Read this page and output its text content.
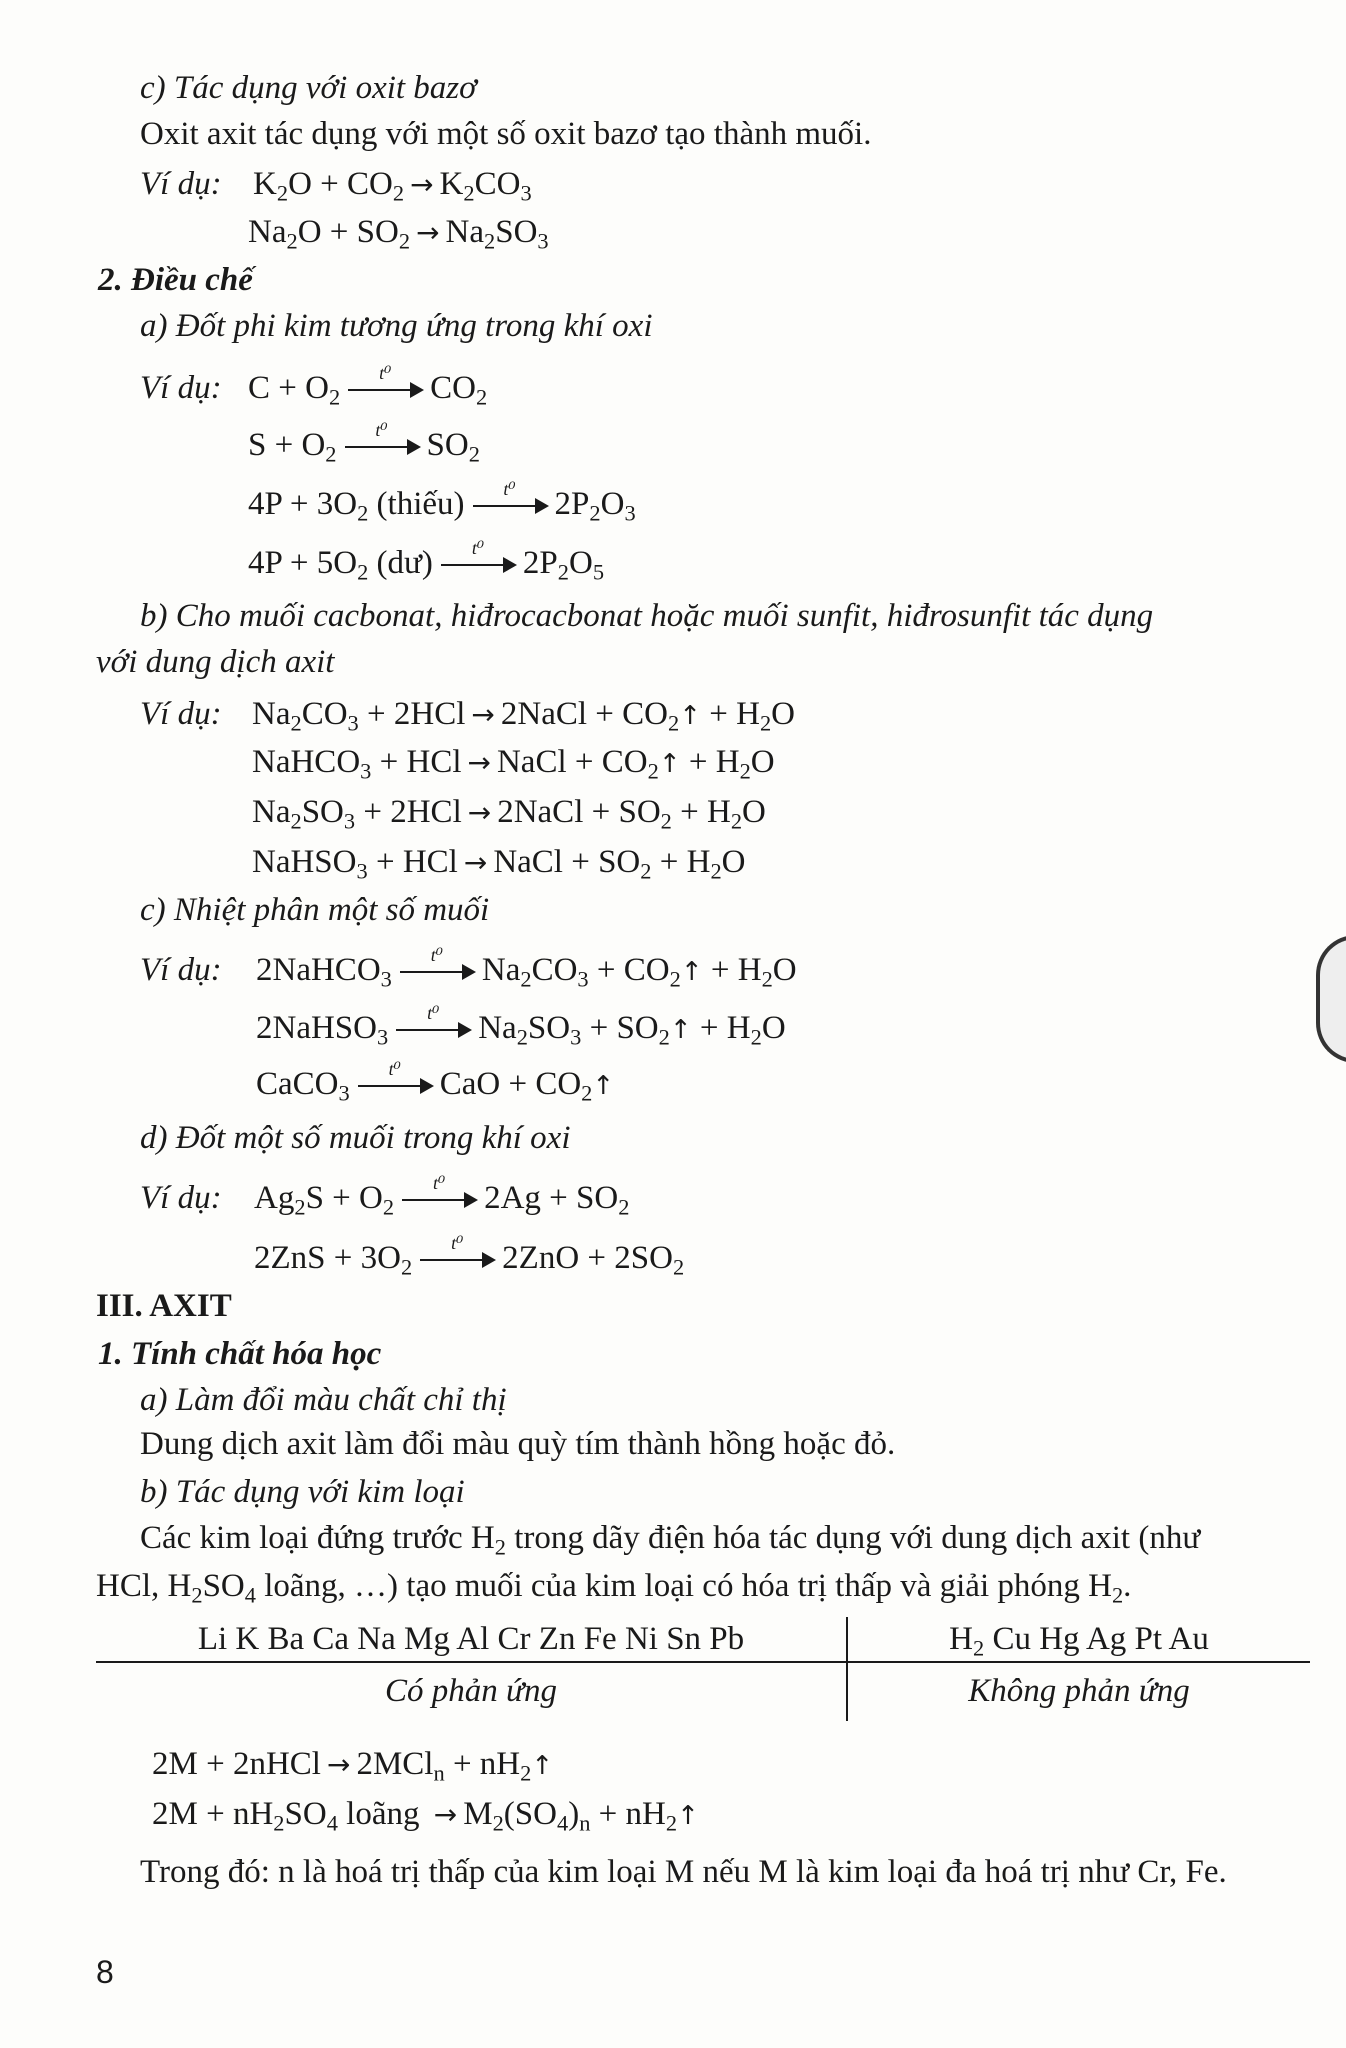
c) Tác dụng với oxit bazơ
Oxit axit tác dụng với một số oxit bazơ tạo thành muối.
Ví dụ: $K_2O + CO_2 \to K_2CO_3$
$Na_2O + SO_2 \to Na_2SO_3$
2. Điều chế
a) Đốt phi kim tương ứng trong khí oxi
Ví dụ: $C + O_2$
t⁰	$CO_2$
$S + O_2$
t⁰	$SO_2$
$4P + 3O_2$ (thiếu)	t⁰	$2P_2O_3$
$4P + 5O_2$ (dư)	t⁰	$2P_2O_5$
b) Cho muối cacbonat, hiđrocacbonat hoặc muối sunfit, hiđrosunfit tác dụng
với dung dịch axit
Ví dụ: $Na_2CO_3 + 2HCl$ → 2NaCl + $CO_2↑ + H_2O$
NaHCO$_3$ + HCl → NaCl + $CO_2↑ + H_2O$
$Na_2SO_3 + 2HCl$ → 2NaCl + $SO_2 + H_2O$
NaHSO$_3$ + HCl → NaCl + $SO_2 + H_2O$
c) Nhiệt phân một số muối
Ví dụ: 2NaHCO$_3$
t⁰	$Na_2CO_3$ + $CO_2↑ + H_2O$
2NaHSO$_3$
t⁰	$Na_2SO_3$ + $SO_2↑ + H_2O$
CaCO$_3$
t⁰	CaO + $CO_2↑$
d) Đốt một số muối trong khí oxi
Ví dụ: $Ag_2S + O_2$
t⁰	$2Ag + SO_2$
$2ZnS + 3O_2$
t⁰	$2ZnO + 2SO_2$
III. AXIT
1. Tính chất hóa học
a) Làm đổi màu chất chỉ thị
Dung dịch axit làm đổi màu quỳ tím thành hồng hoặc đỏ.
b) Tác dụng với kim loại
Các kim loại đứng trước $H_2$ trong dãy điện hóa tác dụng với dung dịch axit (như
HCl, $H_2SO_4$ loãng, …) tạo muối của kim loại có hóa trị thấp và giải phóng $H_2$.
Li K Ba Ca Na Mg Al Cr Zn Fe Ni Sn Pb	$H_2$ Cu Hg Ag Pt Au
Có phản ứng	Không phản ứng
2M + 2nHCl → $2MCl_n + nH_2↑$
$2M + nH_2SO_4$ loãng → $M_2(SO_4)_n$ + $nH_2↑$
Trong đó: n là hoá trị thấp của kim loại M nếu M là kim loại đa hoá trị như Cr, Fe.
8
